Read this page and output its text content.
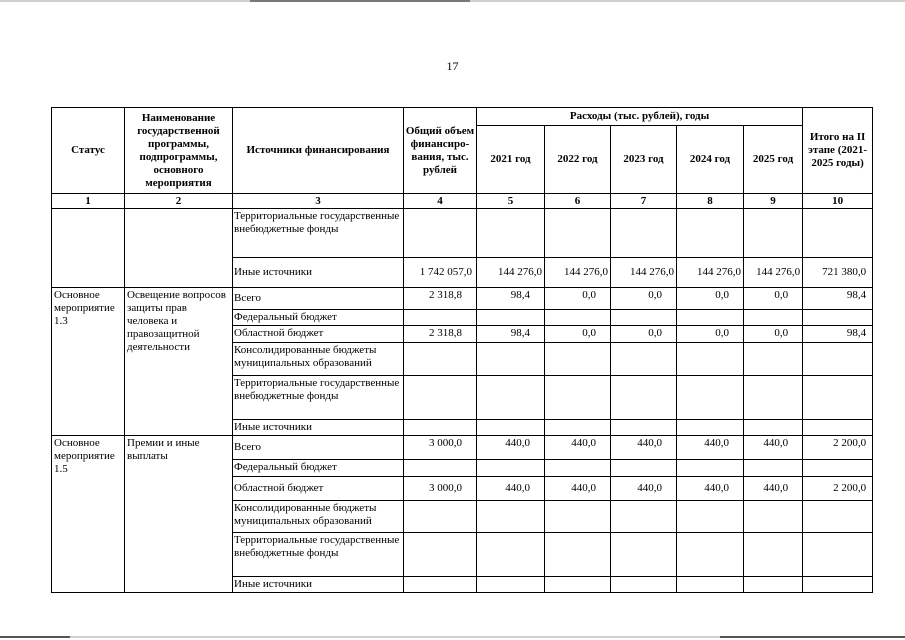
17
Статус	Наименование государственной программы, подпрограммы, основного мероприятия	Источники финансирования	Общий объем финансиро-вания, тыс. рублей	Расходы (тыс. рублей), годы					Итого на II этапе (2021-2025 годы)
				2021 год	2022 год	2023 год	2024 год	2025 год	
1	2	3	4	5	6	7	8	9	10
		Территориальные государственные внебюджетные фонды							
		Иные источники	1 742 057,0	144 276,0	144 276,0	144 276,0	144 276,0	144 276,0	721 380,0
Основное мероприятие 1.3	Освещение вопросов защиты прав человека и правозащитной деятельности	Всего	2 318,8	98,4	0,0	0,0	0,0	0,0	98,4
		Федеральный бюджет							
		Областной бюджет	2 318,8	98,4	0,0	0,0	0,0	0,0	98,4
		Консолидированные бюджеты муниципальных образований							
		Территориальные государственные внебюджетные фонды							
		Иные источники							
Основное мероприятие 1.5	Премии и иные выплаты	Всего	3 000,0	440,0	440,0	440,0	440,0	440,0	2 200,0
		Федеральный бюджет							
		Областной бюджет	3 000,0	440,0	440,0	440,0	440,0	440,0	2 200,0
		Консолидированные бюджеты муниципальных образований							
		Территориальные государственные внебюджетные фонды							
		Иные источники							
